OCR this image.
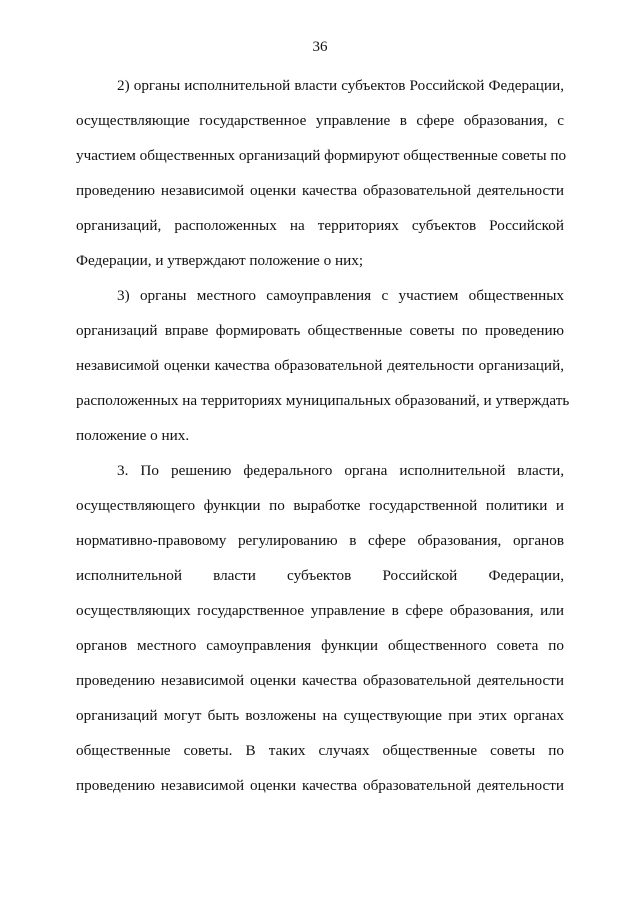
36
2) органы исполнительной власти субъектов Российской Федерации,
осуществляющие государственное управление в сфере образования, с
участием общественных организаций формируют общественные советы по
проведению независимой оценки качества образовательной деятельности
организаций, расположенных на территориях субъектов Российской
Федерации, и утверждают положение о них;
3) органы местного самоуправления с участием общественных
организаций вправе формировать общественные советы по проведению
независимой оценки качества образовательной деятельности организаций,
расположенных на территориях муниципальных образований, и утверждать
положение о них.
3. По решению федерального органа исполнительной власти,
осуществляющего функции по выработке государственной политики и
нормативно-правовому регулированию в сфере образования, органов
исполнительной власти субъектов Российской Федерации,
осуществляющих государственное управление в сфере образования, или
органов местного самоуправления функции общественного совета по
проведению независимой оценки качества образовательной деятельности
организаций могут быть возложены на существующие при этих органах
общественные советы. В таких случаях общественные советы по
проведению независимой оценки качества образовательной деятельности
